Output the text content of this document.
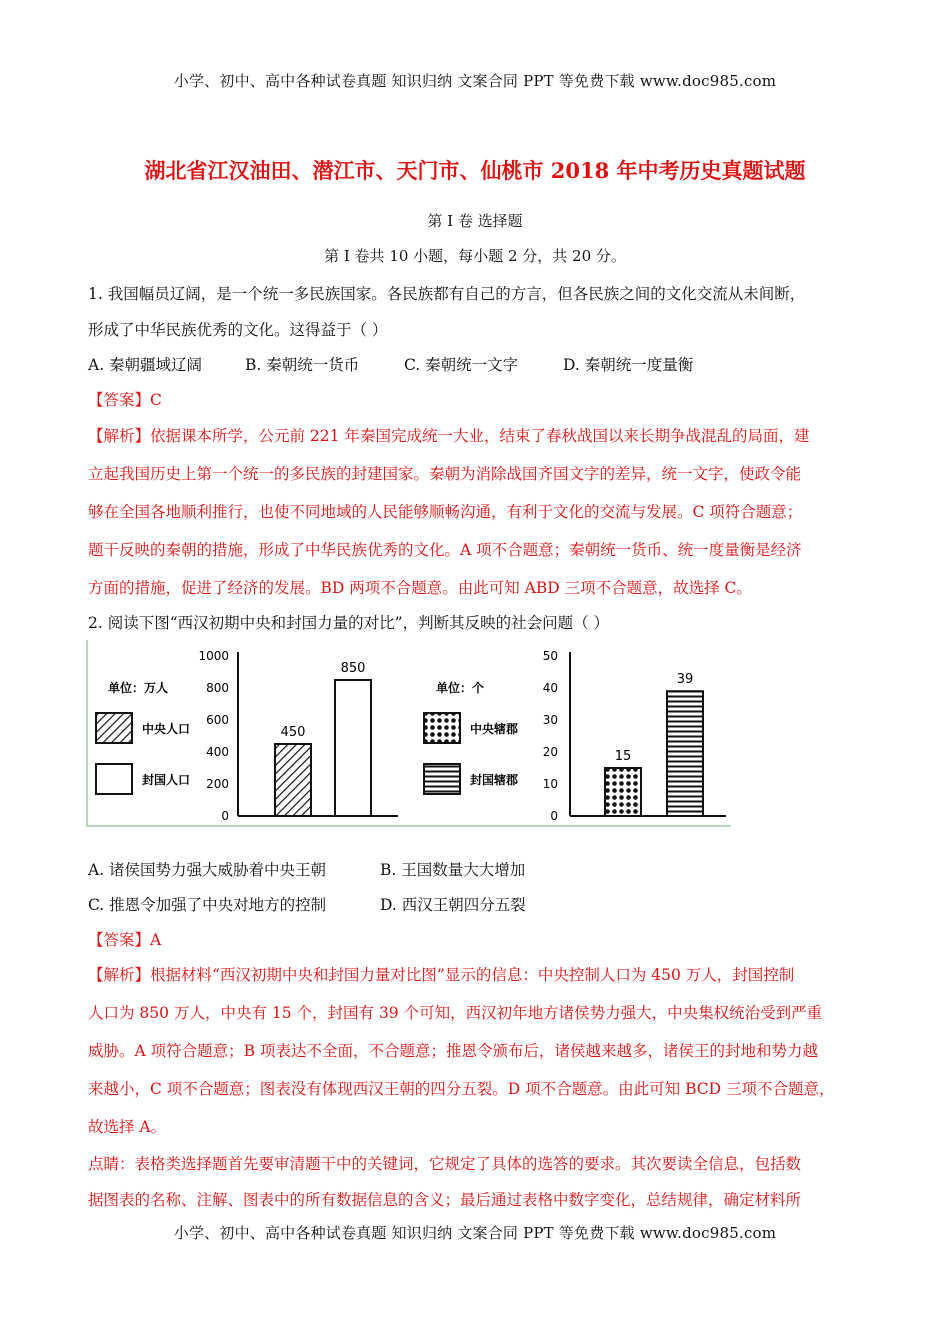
小学、初中、高中各种试卷真题 知识归纳 文案合同 PPT 等免费下载 www.doc985.com
湖北省江汉油田、潜江市、天门市、仙桃市 2018 年中考历史真题试题
第 I 卷 选择题
第 I 卷共 10 小题，每小题 2 分，共 20 分。
1. 我国幅员辽阔，是一个统一多民族国家。各民族都有自己的方言，但各民族之间的文化交流从未间断，
形成了中华民族优秀的文化。这得益于（ ）
A. 秦朝疆域辽阔	B. 秦朝统一货币	C. 秦朝统一文字	D. 秦朝统一度量衡
【答案】C
【解析】依据课本所学，公元前 221 年秦国完成统一大业，结束了春秋战国以来长期争战混乱的局面，建
立起我国历史上第一个统一的多民族的封建国家。秦朝为消除战国齐国文字的差异，统一文字，使政令能
够在全国各地顺利推行，也使不同地域的人民能够顺畅沟通，有利于文化的交流与发展。C 项符合题意；
题干反映的秦朝的措施，形成了中华民族优秀的文化。A 项不合题意；秦朝统一货币、统一度量衡是经济
方面的措施，促进了经济的发展。BD 两项不合题意。由此可知 ABD 三项不合题意，故选择 C。
2. 阅读下图“西汉初期中央和封国力量的对比”，判断其反映的社会问题（ ）
单位：万人
中央人口
封国人口
1000
800
600
400
200
0
450
850
单位：个
中央辖郡
封国辖郡
50
40
30
20
10
0
15
39
A. 诸侯国势力强大威胁着中央王朝	B. 王国数量大大增加
C. 推恩令加强了中央对地方的控制	D. 西汉王朝四分五裂
【答案】A
【解析】根据材料“西汉初期中央和封国力量对比图”显示的信息：中央控制人口为 450 万人，封国控制
人口为 850 万人，中央有 15 个，封国有 39 个可知，西汉初年地方诸侯势力强大，中央集权统治受到严重
威胁。A 项符合题意；B 项表达不全面，不合题意；推恩令颁布后，诸侯越来越多，诸侯王的封地和势力越
来越小，C 项不合题意；图表没有体现西汉王朝的四分五裂。D 项不合题意。由此可知 BCD 三项不合题意，
故选择 A。
点睛：表格类选择题首先要审清题干中的关键词，它规定了具体的选答的要求。其次要读全信息，包括数
据图表的名称、注解、图表中的所有数据信息的含义；最后通过表格中数字变化，总结规律，确定材料所
小学、初中、高中各种试卷真题 知识归纳 文案合同 PPT 等免费下载 www.doc985.com
